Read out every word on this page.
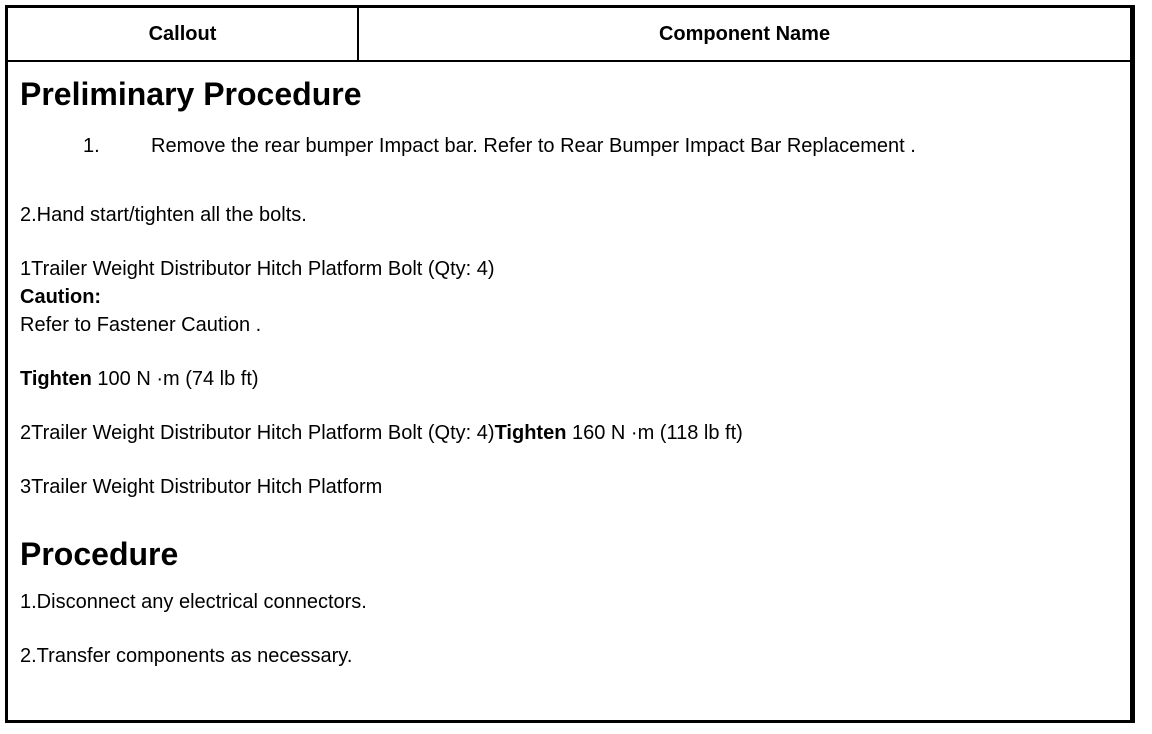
Callout	Component Name
Preliminary Procedure
1.	Remove the rear bumper Impact bar. Refer to Rear Bumper Impact Bar Replacement .

2.Hand start/tighten all the bolts.

1Trailer Weight Distributor Hitch Platform Bolt (Qty: 4)

Caution:

Refer to Fastener Caution .

Tighten 100 N ·m (74 lb ft)

2Trailer Weight Distributor Hitch Platform Bolt (Qty: 4)Tighten 160 N ·m (118 lb ft)

3Trailer Weight Distributor Hitch Platform

Procedure

1.Disconnect any electrical connectors.

2.Transfer components as necessary.
